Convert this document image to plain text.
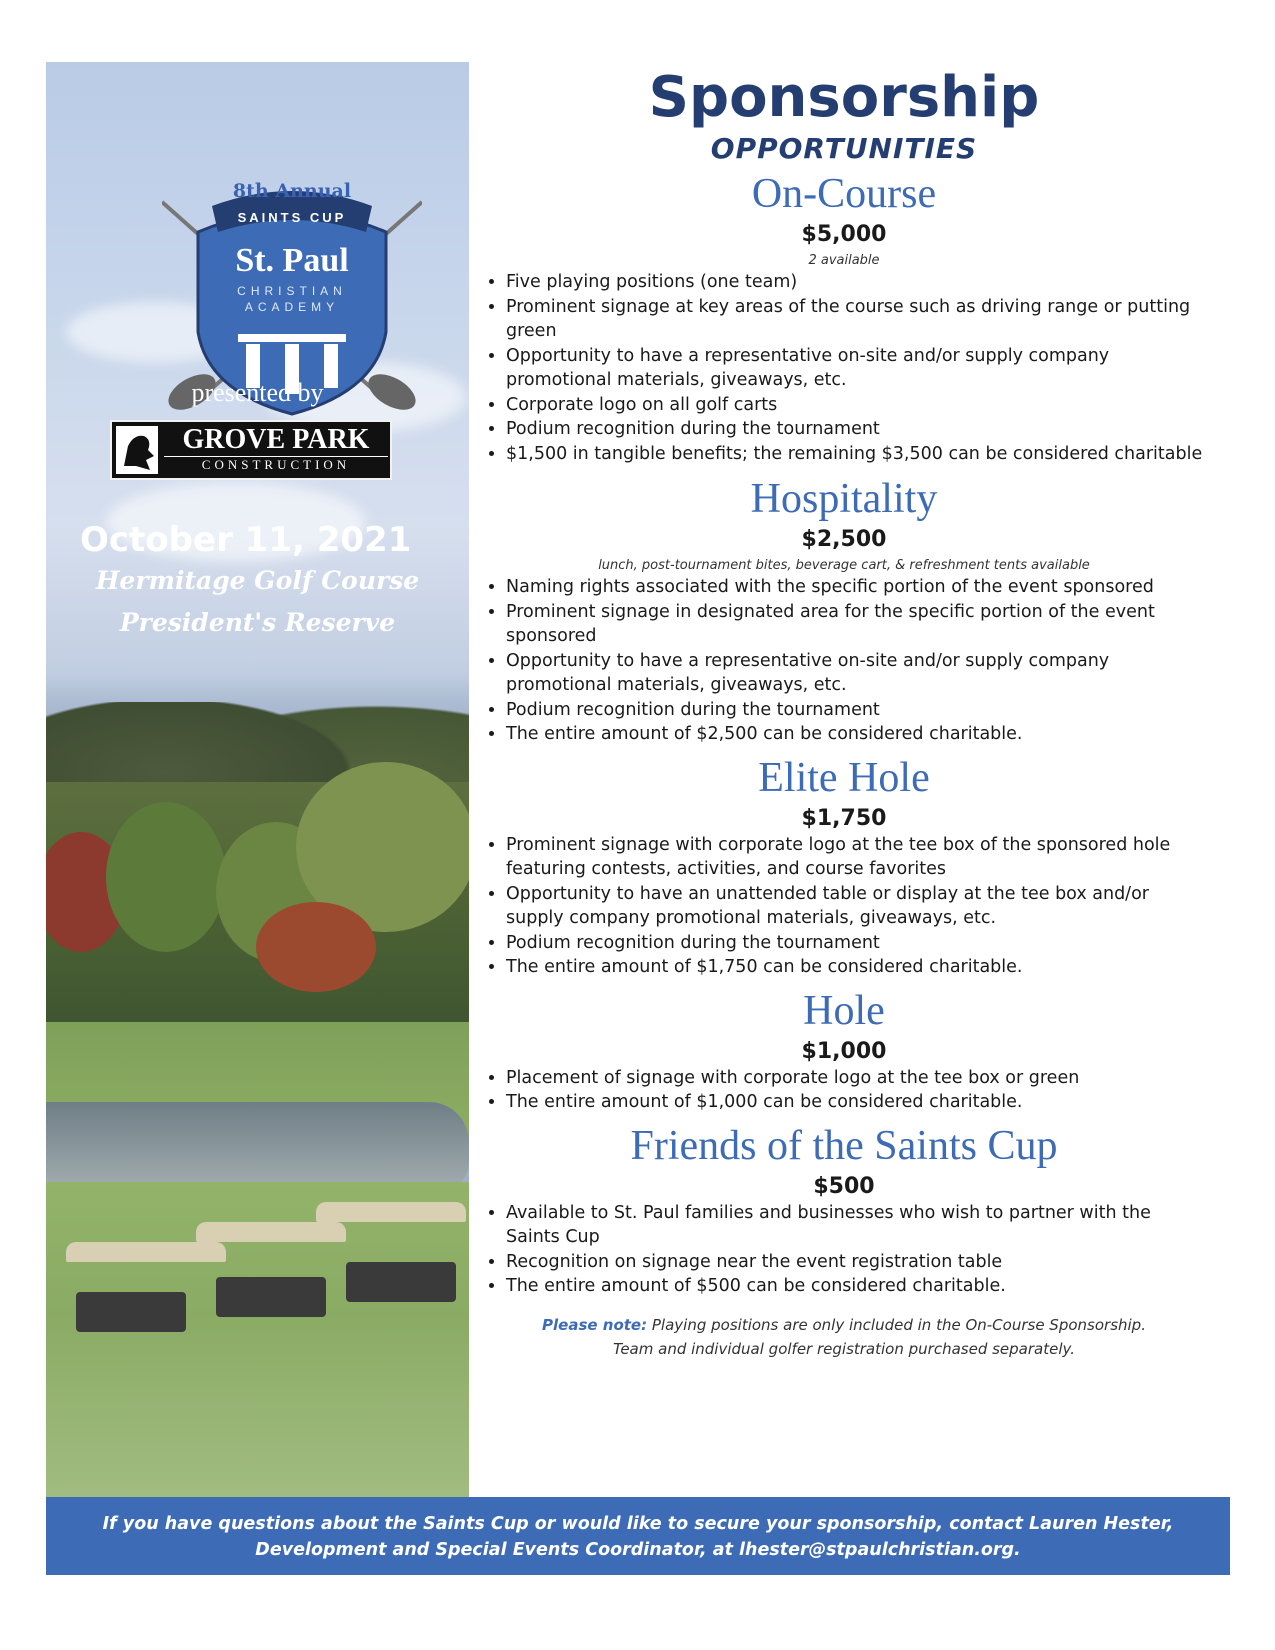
8th Annual
SAINTS CUP
St. Paul
CHRISTIAN
ACADEMY
presented by
GROVE PARK
CONSTRUCTION
October 11, 2021
Hermitage Golf Course
President's Reserve
Sponsorship
OPPORTUNITIES
On-Course
$5,000
2 available
• Five playing positions (one team)
• Prominent signage at key areas of the course such as driving range or putting green
• Opportunity to have a representative on-site and/or supply company promotional materials, giveaways, etc.
• Corporate logo on all golf carts
• Podium recognition during the tournament
• $1,500 in tangible benefits; the remaining $3,500 can be considered charitable
Hospitality
$2,500
lunch, post-tournament bites, beverage cart, & refreshment tents available
• Naming rights associated with the specific portion of the event sponsored
• Prominent signage in designated area for the specific portion of the event sponsored
• Opportunity to have a representative on-site and/or supply company promotional materials, giveaways, etc.
• Podium recognition during the tournament
• The entire amount of $2,500 can be considered charitable.
Elite Hole
$1,750
• Prominent signage with corporate logo at the tee box of the sponsored hole featuring contests, activities, and course favorites
• Opportunity to have an unattended table or display at the tee box and/or supply company promotional materials, giveaways, etc.
• Podium recognition during the tournament
• The entire amount of $1,750 can be considered charitable.
Hole
$1,000
• Placement of signage with corporate logo at the tee box or green
• The entire amount of $1,000 can be considered charitable.
Friends of the Saints Cup
$500
• Available to St. Paul families and businesses who wish to partner with the Saints Cup
• Recognition on signage near the event registration table
• The entire amount of $500 can be considered charitable.
Please note: Playing positions are only included in the On-Course Sponsorship.
Team and individual golfer registration purchased separately.
If you have questions about the Saints Cup or would like to secure your sponsorship, contact Lauren Hester,
Development and Special Events Coordinator, at lhester@stpaulchristian.org.
